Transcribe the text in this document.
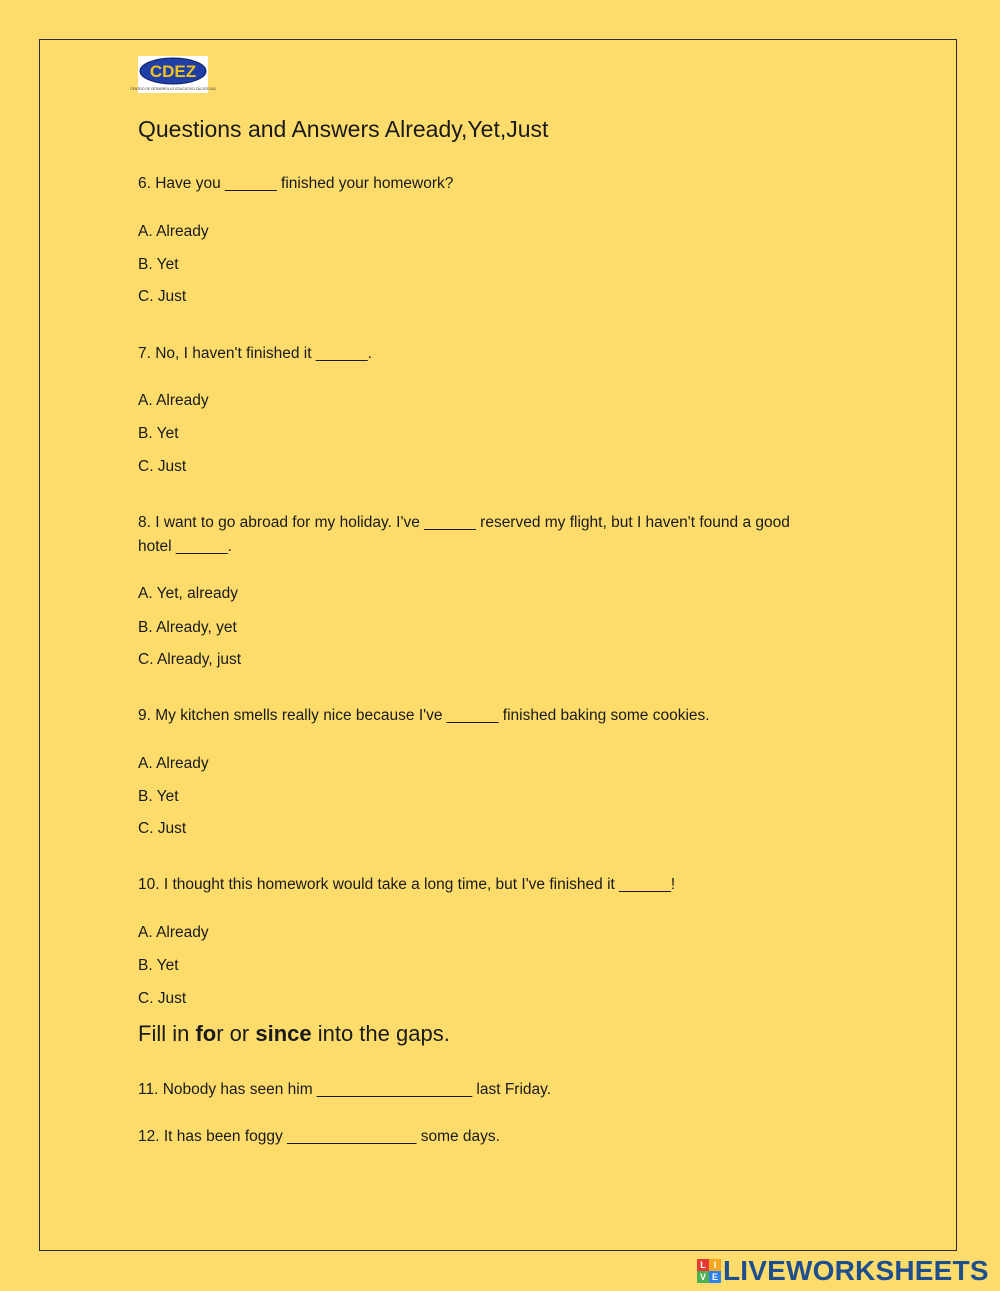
CDEZ
CENTRO DE DESARROLLO EDUCATIVO ZACATECAS
Questions and Answers Already,Yet,Just
6. Have you ______ finished your homework?
A. Already
B. Yet
C. Just
7. No, I haven't finished it ______.
A. Already
B. Yet
C. Just
8. I want to go abroad for my holiday. I've ______ reserved my flight, but I haven't found a good
hotel ______.
A. Yet, already
B. Already, yet
C. Already, just
9. My kitchen smells really nice because I've ______ finished baking some cookies.
A. Already
B. Yet
C. Just
10. I thought this homework would take a long time, but I've finished it ______!
A. Already
B. Yet
C. Just
Fill in for or since into the gaps.
11. Nobody has seen him __________________ last Friday.
12. It has been foggy _______________ some days.
L I
V E LIVEWORKSHEETS
